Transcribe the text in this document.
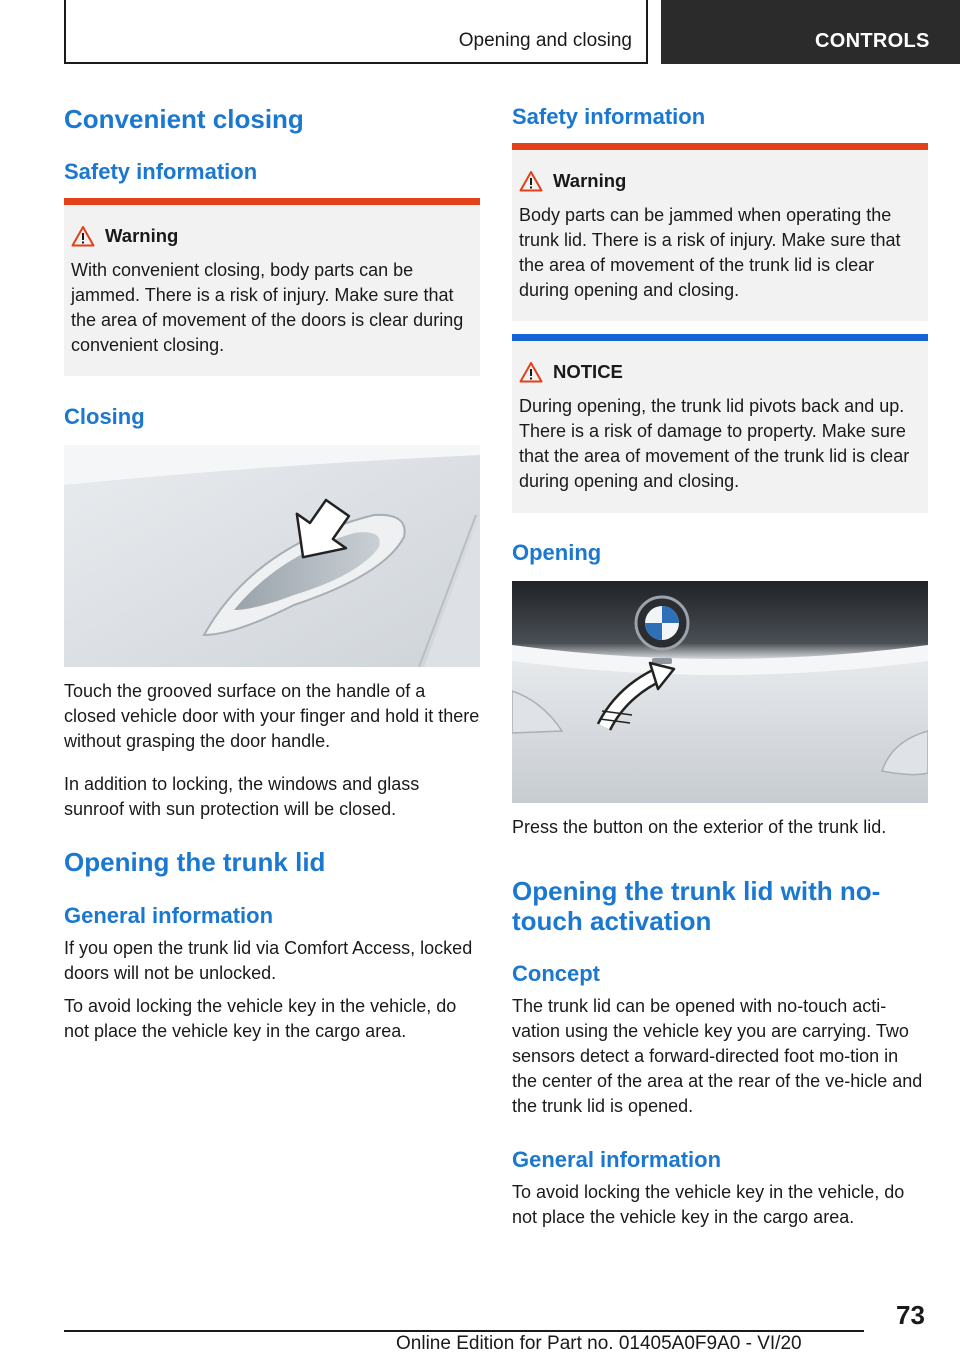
Opening and closing	CONTROLS
Convenient closing
Safety information
Warning
With convenient closing, body parts can be jammed. There is a risk of injury. Make sure that the area of movement of the doors is clear during convenient closing.
Closing

Touch the grooved surface on the handle of a closed vehicle door with your finger and hold it there without grasping the door handle.

In addition to locking, the windows and glass sunroof with sun protection will be closed.

Opening the trunk lid
General information

If you open the trunk lid via Comfort Access, locked doors will not be unlocked.

To avoid locking the vehicle key in the vehicle, do not place the vehicle key in the cargo area.

Safety information
Warning
Body parts can be jammed when operating the trunk lid. There is a risk of injury. Make sure that the area of movement of the trunk lid is clear during opening and closing.
NOTICE
During opening, the trunk lid pivots back and up. There is a risk of damage to property. Make sure that the area of movement of the trunk lid is clear during opening and closing.
Opening

Press the button on the exterior of the trunk lid.

Opening the trunk lid with no-touch activation
Concept

The trunk lid can be opened with no-touch acti-vation using the vehicle key you are carrying. Two sensors detect a forward-directed foot mo-tion in the center of the area at the rear of the ve-hicle and the trunk lid is opened.

General information

To avoid locking the vehicle key in the vehicle, do not place the vehicle key in the cargo area.

73
Online Edition for Part no. 01405A0F9A0 - VI/20
